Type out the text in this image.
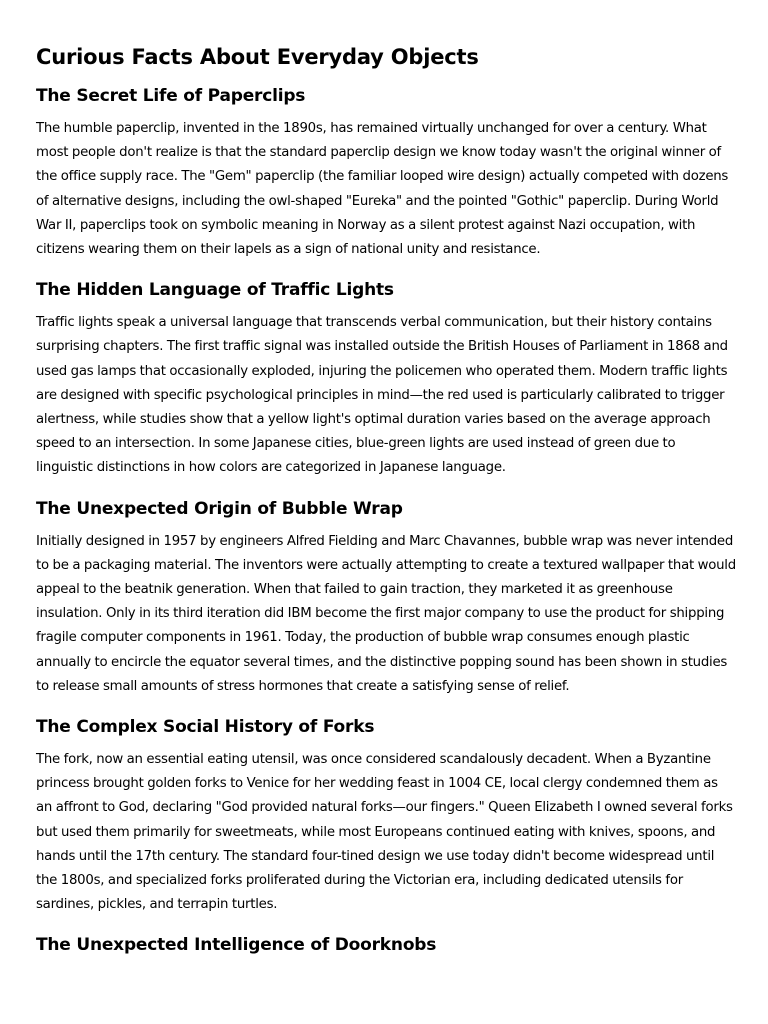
Curious Facts About Everyday Objects
The Secret Life of Paperclips

The humble paperclip, invented in the 1890s, has remained virtually unchanged for over a century. What most people don't realize is that the standard paperclip design we know today wasn't the original winner of the office supply race. The "Gem" paperclip (the familiar looped wire design) actually competed with dozens of alternative designs, including the owl-shaped "Eureka" and the pointed "Gothic" paperclip. During World War II, paperclips took on symbolic meaning in Norway as a silent protest against Nazi occupation, with citizens wearing them on their lapels as a sign of national unity and resistance.

The Hidden Language of Traffic Lights

Traffic lights speak a universal language that transcends verbal communication, but their history contains surprising chapters. The first traffic signal was installed outside the British Houses of Parliament in 1868 and used gas lamps that occasionally exploded, injuring the policemen who operated them. Modern traffic lights are designed with specific psychological principles in mind—the red used is particularly calibrated to trigger alertness, while studies show that a yellow light's optimal duration varies based on the average approach speed to an intersection. In some Japanese cities, blue-green lights are used instead of green due to linguistic distinctions in how colors are categorized in Japanese language.

The Unexpected Origin of Bubble Wrap

Initially designed in 1957 by engineers Alfred Fielding and Marc Chavannes, bubble wrap was never intended to be a packaging material. The inventors were actually attempting to create a textured wallpaper that would appeal to the beatnik generation. When that failed to gain traction, they marketed it as greenhouse insulation. Only in its third iteration did IBM become the first major company to use the product for shipping fragile computer components in 1961. Today, the production of bubble wrap consumes enough plastic annually to encircle the equator several times, and the distinctive popping sound has been shown in studies to release small amounts of stress hormones that create a satisfying sense of relief.

The Complex Social History of Forks

The fork, now an essential eating utensil, was once considered scandalously decadent. When a Byzantine princess brought golden forks to Venice for her wedding feast in 1004 CE, local clergy condemned them as an affront to God, declaring "God provided natural forks—our fingers." Queen Elizabeth I owned several forks but used them primarily for sweetmeats, while most Europeans continued eating with knives, spoons, and hands until the 17th century. The standard four-tined design we use today didn't become widespread until the 1800s, and specialized forks proliferated during the Victorian era, including dedicated utensils for sardines, pickles, and terrapin turtles.

The Unexpected Intelligence of Doorknobs
